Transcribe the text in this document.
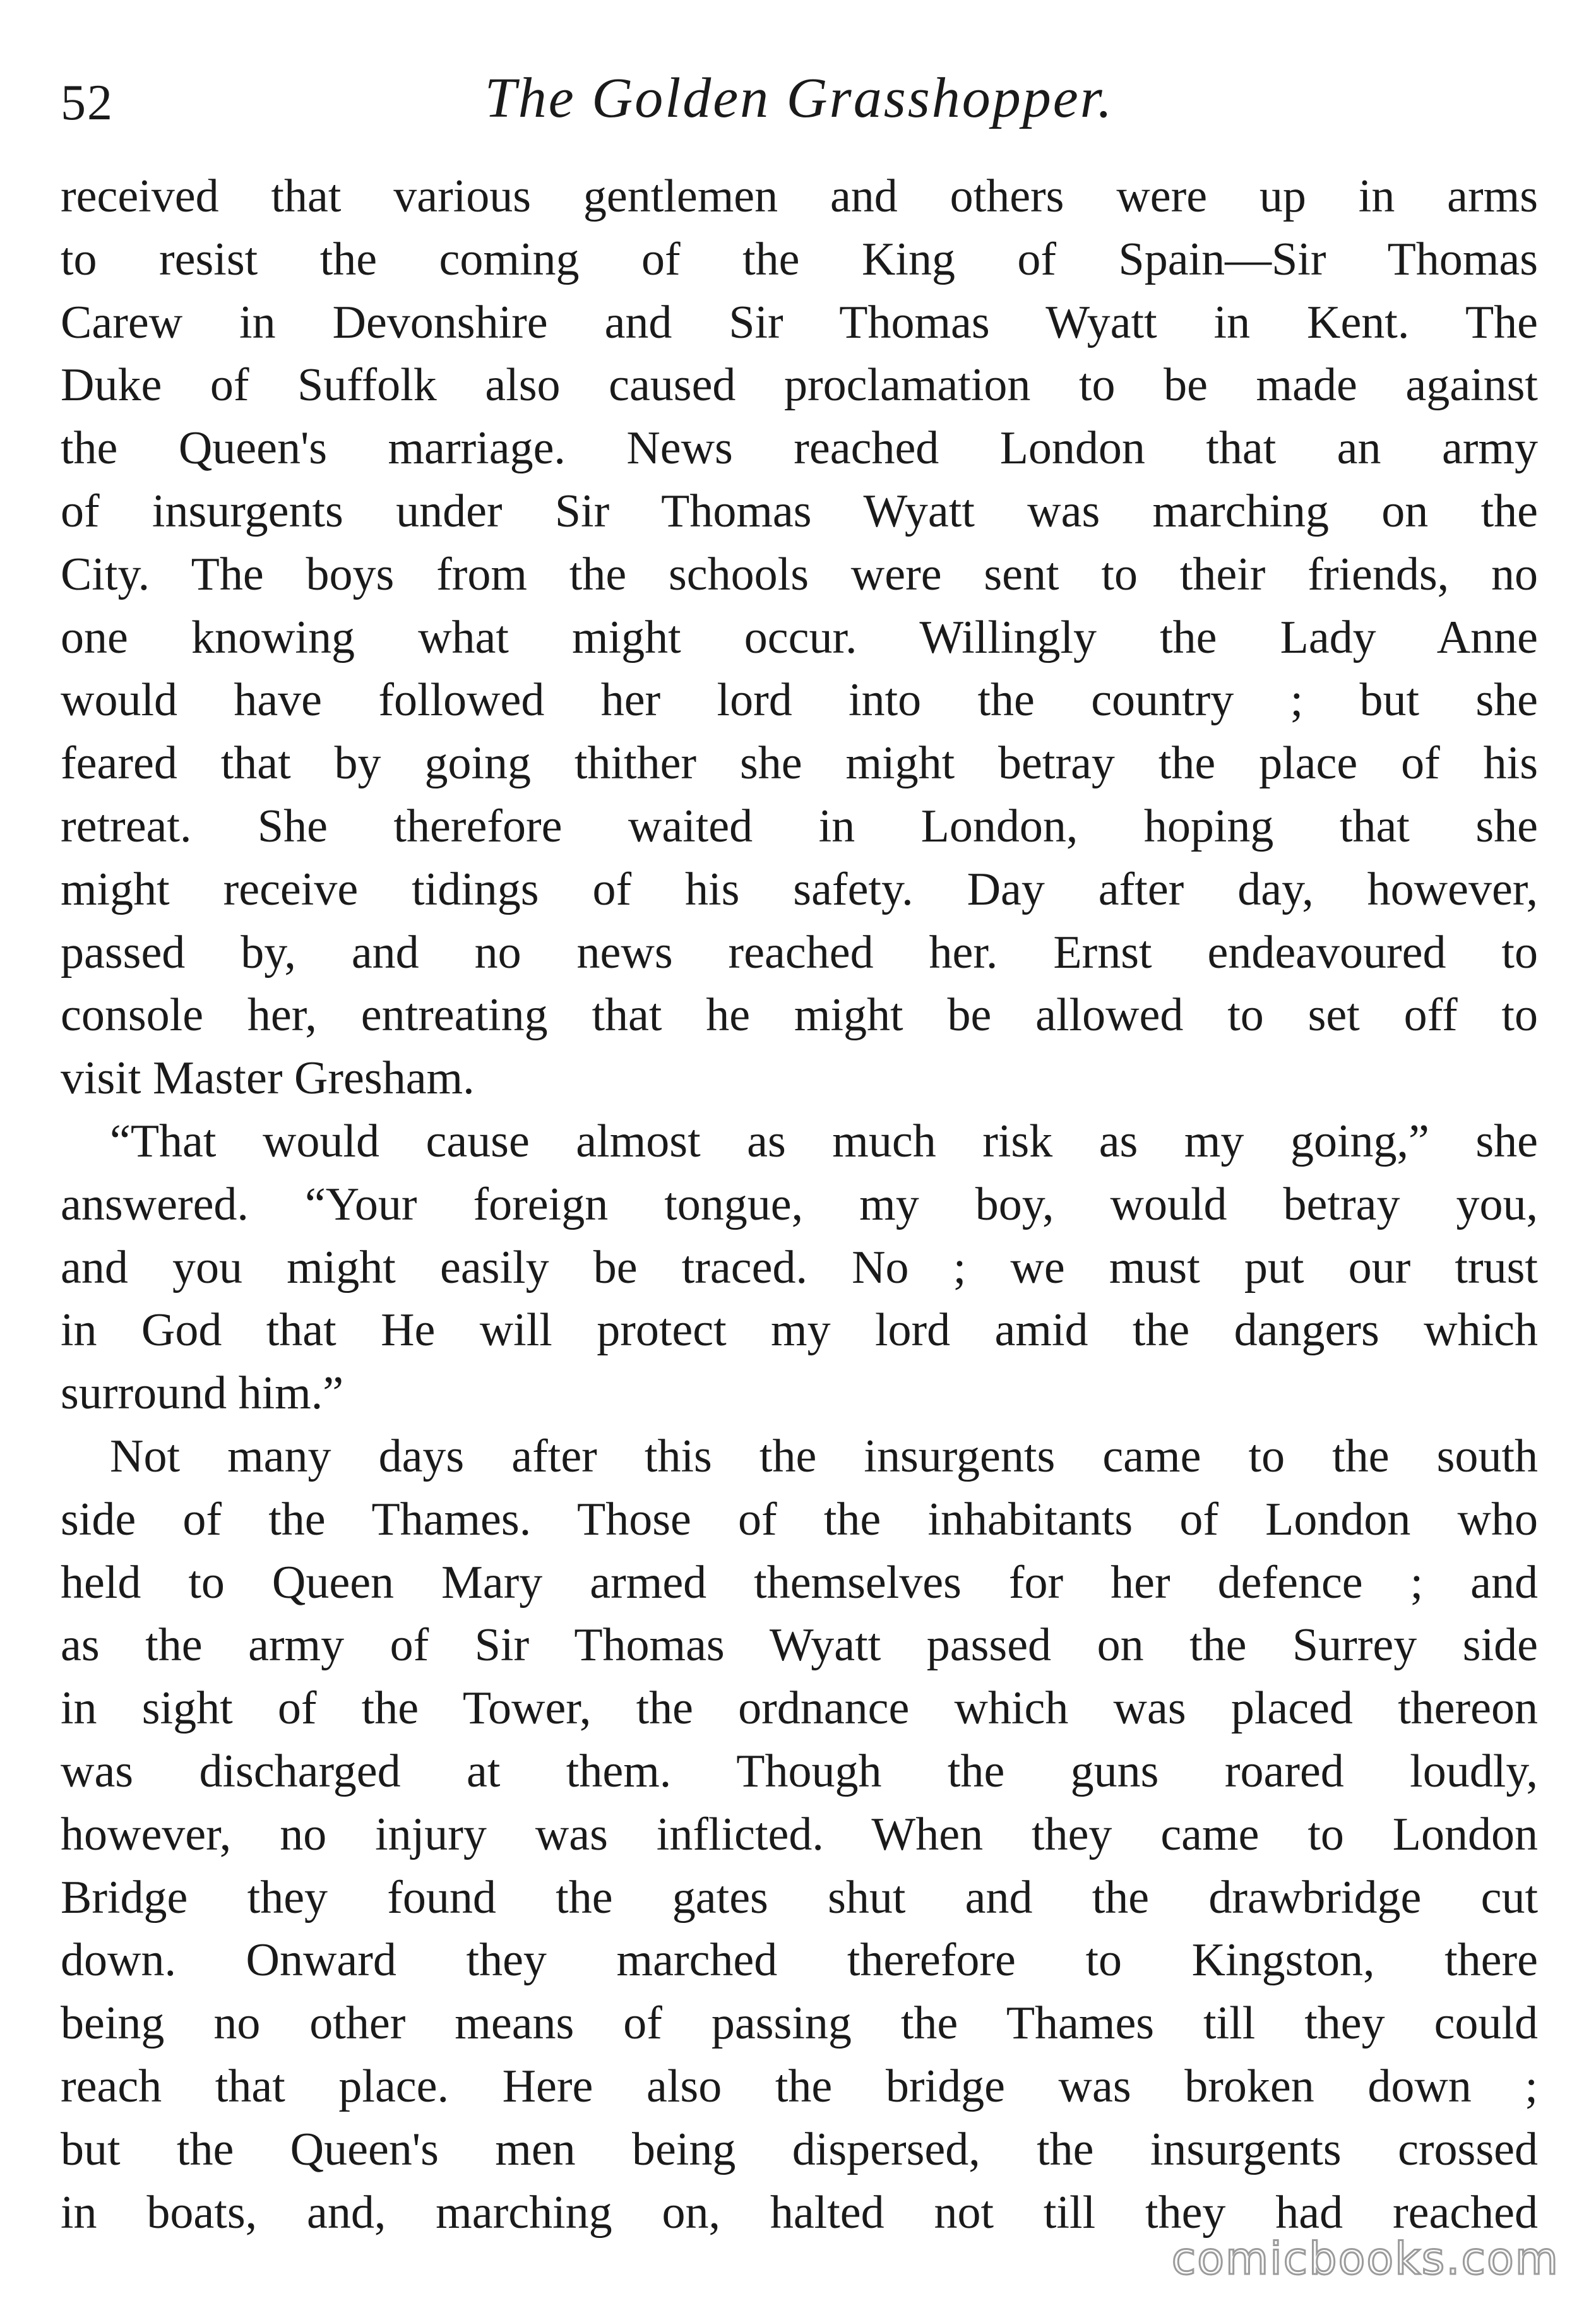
52	The Golden Grasshopper.
received that various gentlemen and others were up in arms
to resist the coming of the King of Spain—Sir Thomas
Carew in Devonshire and Sir Thomas Wyatt in Kent. The
Duke of Suffolk also caused proclamation to be made against
the Queen's marriage. News reached London that an army
of insurgents under Sir Thomas Wyatt was marching on the
City. The boys from the schools were sent to their friends, no
one knowing what might occur. Willingly the Lady Anne
would have followed her lord into the country ; but she
feared that by going thither she might betray the place of his
retreat. She therefore waited in London, hoping that she
might receive tidings of his safety. Day after day, however,
passed by, and no news reached her. Ernst endeavoured to
console her, entreating that he might be allowed to set off to
visit Master Gresham.
“That would cause almost as much risk as my going,” she
answered. “Your foreign tongue, my boy, would betray you,
and you might easily be traced. No ; we must put our trust
in God that He will protect my lord amid the dangers which
surround him.”
Not many days after this the insurgents came to the south
side of the Thames. Those of the inhabitants of London who
held to Queen Mary armed themselves for her defence ; and
as the army of Sir Thomas Wyatt passed on the Surrey side
in sight of the Tower, the ordnance which was placed thereon
was discharged at them. Though the guns roared loudly,
however, no injury was inflicted. When they came to London
Bridge they found the gates shut and the drawbridge cut
down. Onward they marched therefore to Kingston, there
being no other means of passing the Thames till they could
reach that place. Here also the bridge was broken down ;
but the Queen's men being dispersed, the insurgents crossed
in boats, and, marching on, halted not till they had reached
comicbooks.com
